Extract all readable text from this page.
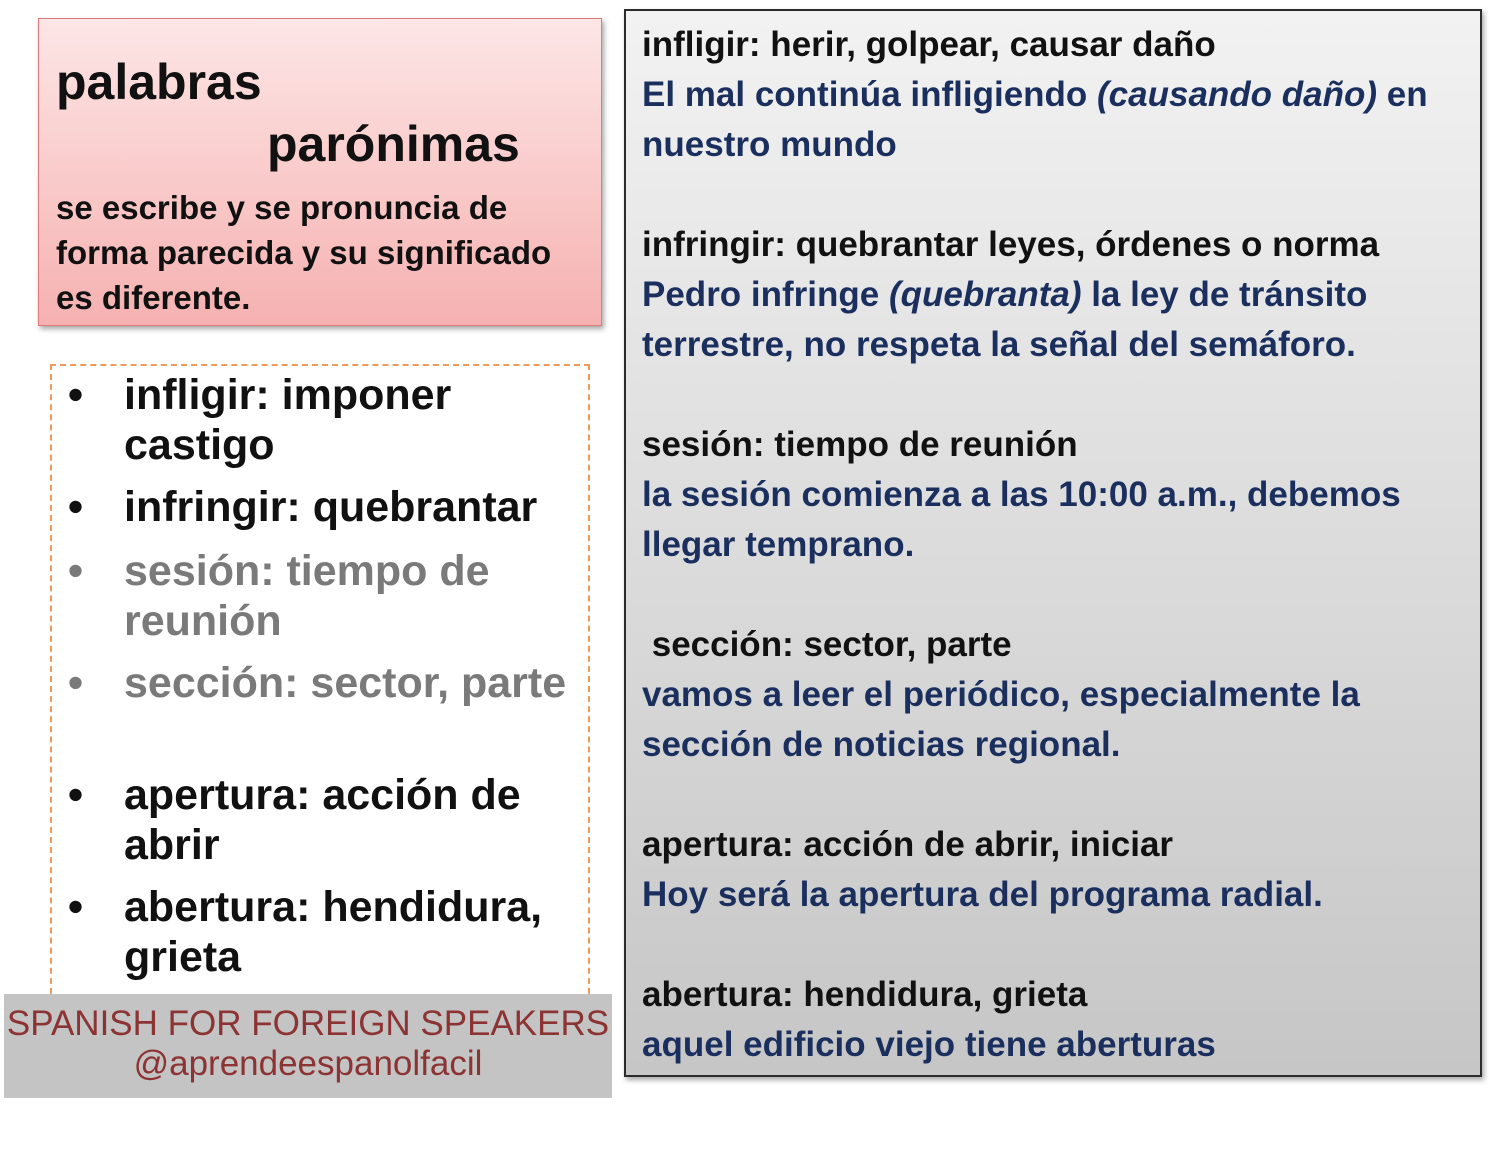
palabras
parónimas
se escribe y se pronuncia de forma parecida y su significado es diferente.
• infligir: imponer castigo
• infringir: quebrantar
• sesión: tiempo de reunión
• sección: sector, parte
• apertura: acción de abrir
• abertura: hendidura, grieta
SPANISH FOR FOREIGN SPEAKERS
@aprendeespanolfacil
infligir: herir, golpear, causar daño
El mal continúa infligiendo (causando daño) en
nuestro mundo
infringir: quebrantar leyes, órdenes o norma
Pedro infringe (quebranta) la ley de tránsito
terrestre, no respeta la señal del semáforo.
sesión: tiempo de reunión
la sesión comienza a las 10:00 a.m., debemos
llegar temprano.
sección: sector, parte
vamos a leer el periódico, especialmente la
sección de noticias regional.
apertura: acción de abrir, iniciar
Hoy será la apertura del programa radial.
abertura: hendidura, grieta
aquel edificio viejo tiene aberturas
